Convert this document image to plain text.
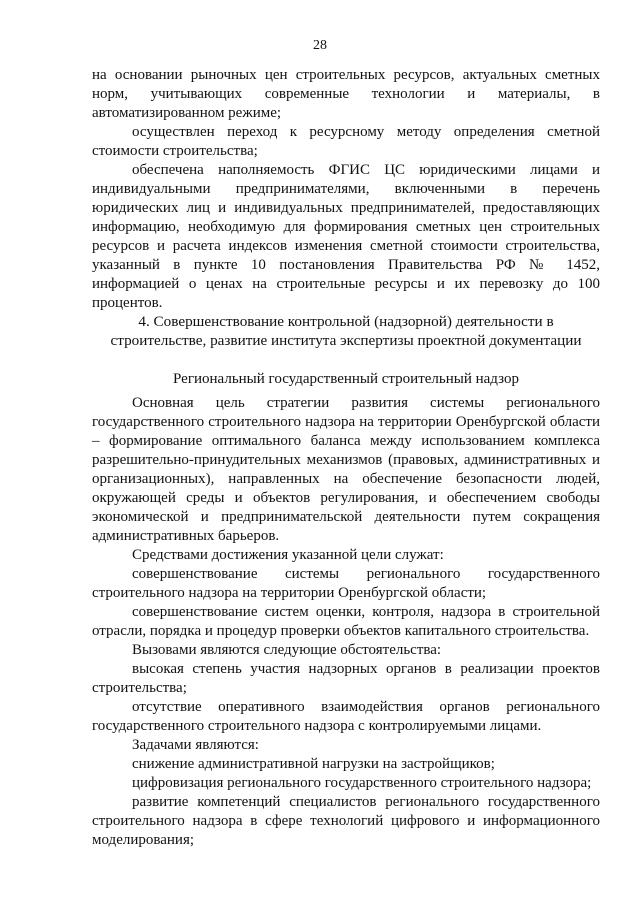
28

на основании рыночных цен строительных ресурсов, актуальных сметных норм, учитывающих современные технологии и материалы, в автоматизированном режиме;

осуществлен переход к ресурсному методу определения сметной стоимости строительства;

обеспечена наполняемость ФГИС ЦС юридическими лицами и индивидуальными предпринимателями, включенными в перечень юридических лиц и индивидуальных предпринимателей, предоставляющих информацию, необходимую для формирования сметных цен строительных ресурсов и расчета индексов изменения сметной стоимости строительства, указанный в пункте 10 постановления Правительства РФ № 1452, информацией о ценах на строительные ресурсы и их перевозку до 100 процентов.

4. Совершенствование контрольной (надзорной) деятельности в
строительстве, развитие института экспертизы проектной документации
Региональный государственный строительный надзор

Основная цель стратегии развития системы регионального государственного строительного надзора на территории Оренбургской области – формирование оптимального баланса между использованием комплекса разрешительно-принудительных механизмов (правовых, административных и организационных), направленных на обеспечение безопасности людей, окружающей среды и объектов регулирования, и обеспечением свободы экономической и предпринимательской деятельности путем сокращения административных барьеров.

Средствами достижения указанной цели служат:

совершенствование системы регионального государственного строительного надзора на территории Оренбургской области;

совершенствование систем оценки, контроля, надзора в строительной отрасли, порядка и процедур проверки объектов капитального строительства.

Вызовами являются следующие обстоятельства:

высокая степень участия надзорных органов в реализации проектов строительства;

отсутствие оперативного взаимодействия органов регионального государственного строительного надзора с контролируемыми лицами.

Задачами являются:

снижение административной нагрузки на застройщиков;

цифровизация регионального государственного строительного надзора;

развитие компетенций специалистов регионального государственного строительного надзора в сфере технологий цифрового и информационного моделирования;
